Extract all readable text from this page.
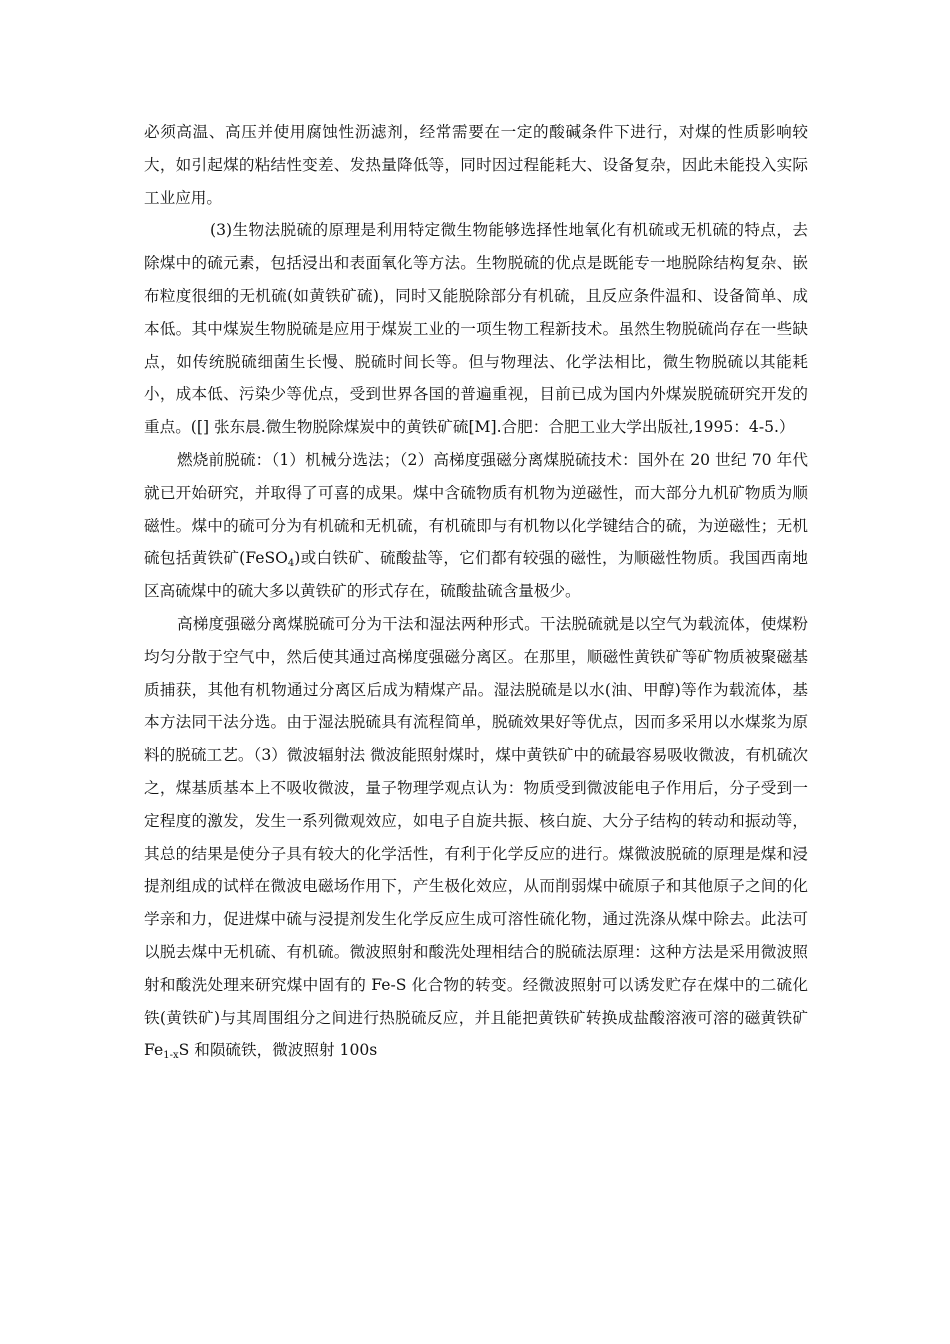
必须高温、高压并使用腐蚀性沥滤剂，经常需要在一定的酸碱条件下进行，对煤的性质影响较大，如引起煤的粘结性变差、发热量降低等，同时因过程能耗大、设备复杂，因此未能投入实际工业应用。

(3)生物法脱硫的原理是利用特定微生物能够选择性地氧化有机硫或无机硫的特点，去除煤中的硫元素，包括浸出和表面氧化等方法。生物脱硫的优点是既能专一地脱除结构复杂、嵌布粒度很细的无机硫(如黄铁矿硫)，同时又能脱除部分有机硫，且反应条件温和、设备简单、成本低。其中煤炭生物脱硫是应用于煤炭工业的一项生物工程新技术。虽然生物脱硫尚存在一些缺点，如传统脱硫细菌生长慢、脱硫时间长等。但与物理法、化学法相比，微生物脱硫以其能耗小，成本低、污染少等优点，受到世界各国的普遍重视，目前已成为国内外煤炭脱硫研究开发的重点。([] 张东晨.微生物脱除煤炭中的黄铁矿硫[M].合肥：合肥工业大学出版社,1995：4-5.）

燃烧前脱硫：（1）机械分选法；（2）高梯度强磁分离煤脱硫技术：国外在 20 世纪 70 年代就已开始研究，并取得了可喜的成果。煤中含硫物质有机物为逆磁性，而大部分九机矿物质为顺磁性。煤中的硫可分为有机硫和无机硫，有机硫即与有机物以化学键结合的硫，为逆磁性；无机硫包括黄铁矿(FeSO$_4$)或白铁矿、硫酸盐等，它们都有较强的磁性，为顺磁性物质。我国西南地区高硫煤中的硫大多以黄铁矿的形式存在，硫酸盐硫含量极少。

高梯度强磁分离煤脱硫可分为干法和湿法两种形式。干法脱硫就是以空气为载流体，使煤粉均匀分散于空气中，然后使其通过高梯度强磁分离区。在那里，顺磁性黄铁矿等矿物质被聚磁基质捕获，其他有机物通过分离区后成为精煤产品。湿法脱硫是以水(油、甲醇)等作为载流体，基本方法同干法分选。由于湿法脱硫具有流程简单，脱硫效果好等优点，因而多采用以水煤浆为原料的脱硫工艺。（3）微波辐射法 微波能照射煤时，煤中黄铁矿中的硫最容易吸收微波，有机硫次之，煤基质基本上不吸收微波，量子物理学观点认为：物质受到微波能电子作用后，分子受到一定程度的激发，发生一系列微观效应，如电子自旋共振、核白旋、大分子结构的转动和振动等，其总的结果是使分子具有较大的化学活性，有利于化学反应的进行。煤微波脱硫的原理是煤和浸提剂组成的试样在微波电磁场作用下，产生极化效应，从而削弱煤中硫原子和其他原子之间的化学亲和力，促进煤中硫与浸提剂发生化学反应生成可溶性硫化物，通过洗涤从煤中除去。此法可以脱去煤中无机硫、有机硫。微波照射和酸洗处理相结合的脱硫法原理：这种方法是采用微波照射和酸洗处理来研究煤中固有的 Fe-S 化合物的转变。经微波照射可以诱发贮存在煤中的二硫化铁(黄铁矿)与其周围组分之间进行热脱硫反应，并且能把黄铁矿转换成盐酸溶液可溶的磁黄铁矿 $Fe_{1-x}S$ 和陨硫铁，微波照射 100s
